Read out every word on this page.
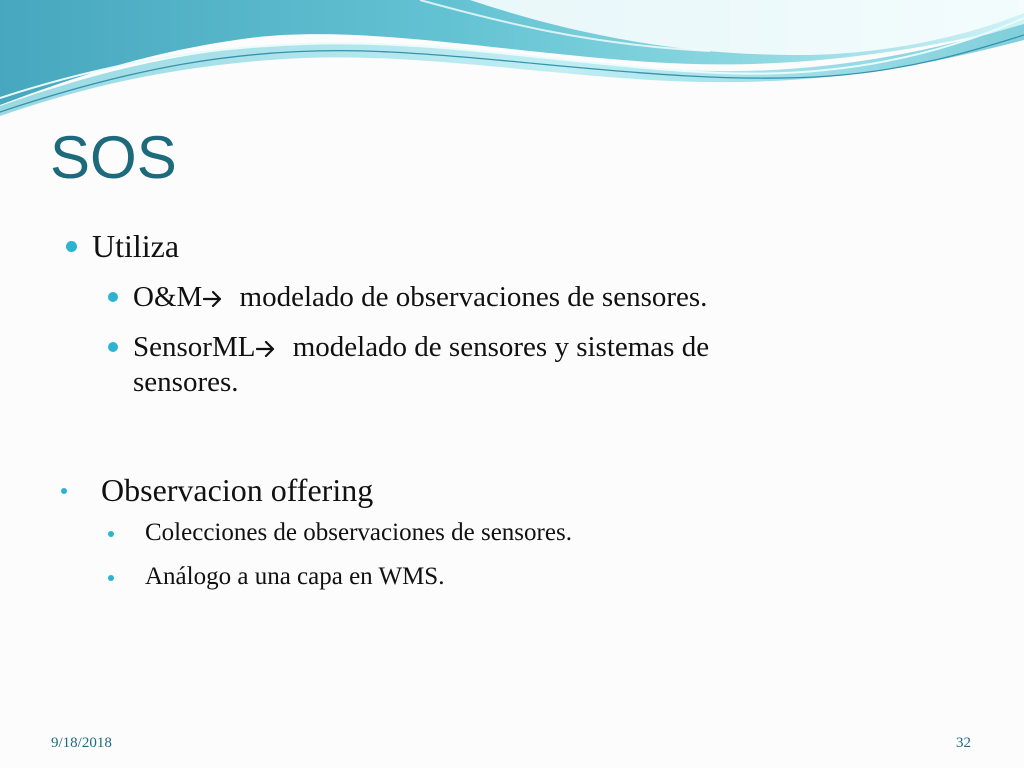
SOS
Utiliza
O&M modelado de observaciones de sensores.
SensorML modelado de sensores y sistemas de
sensores.
Observacion offering
Colecciones de observaciones de sensores.
Análogo a una capa en WMS.
9/18/2018	32
